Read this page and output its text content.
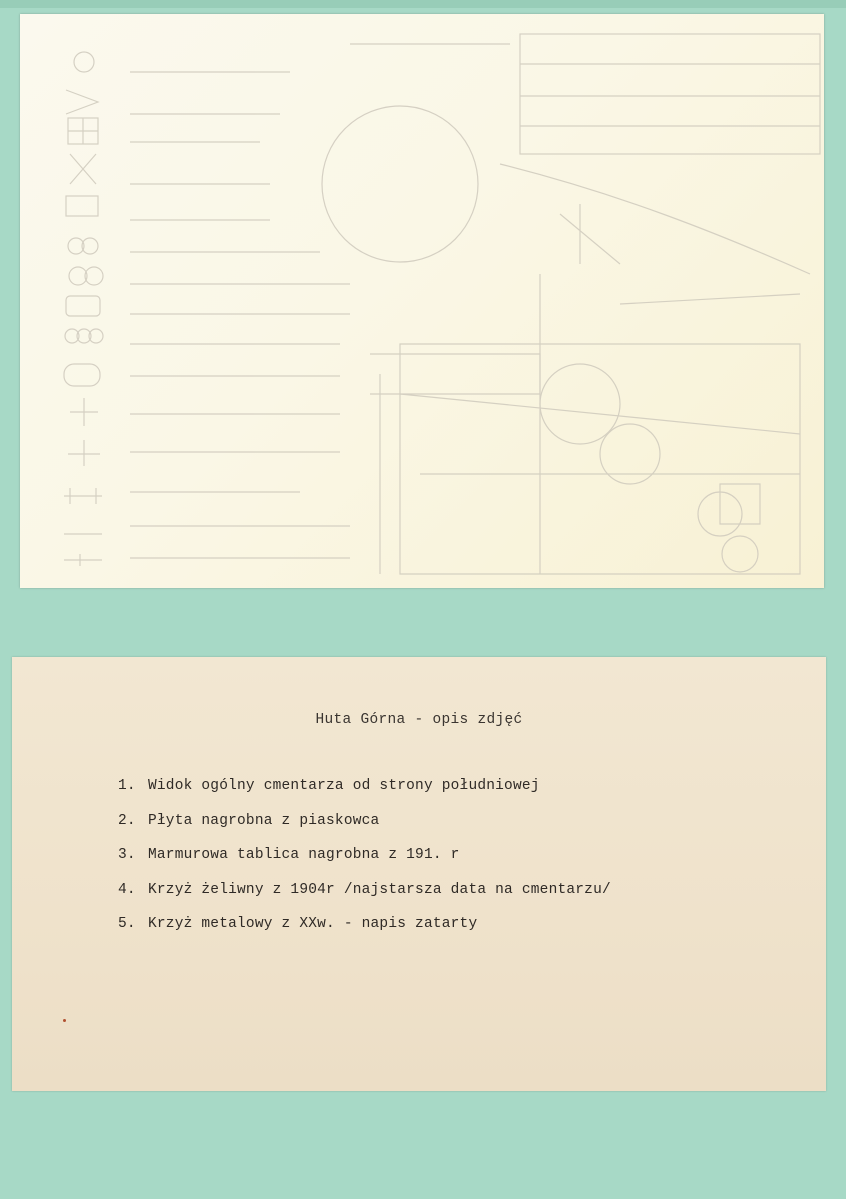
Huta Górna - opis zdjęć
1. Widok ogólny cmentarza od strony południowej
2. Płyta nagrobna z piaskowca
3. Marmurowa tablica nagrobna z 191. r
4. Krzyż żeliwny z 1904r /najstarsza data na cmentarzu/
5. Krzyż metalowy z XXw. - napis zatarty
